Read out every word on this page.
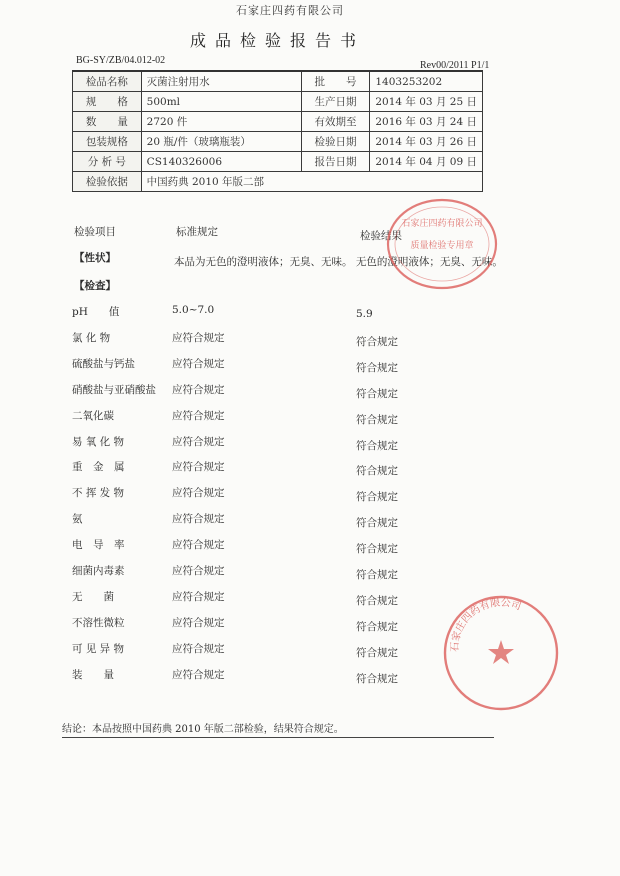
石家庄四药有限公司
成品检验报告书
BG-SY/ZB/04.012-02	Rev00/2011 P1/1
检品名称	灭菌注射用水	批　　号	1403253202
规　　格	500ml	生产日期	2014 年 03 月 25 日
数　　量	2720 件	有效期至	2016 年 03 月 24 日
包装规格	20 瓶/件（玻璃瓶装）	检验日期	2014 年 03 月 26 日
分 析 号	CS140326006	报告日期	2014 年 04 月 09 日
检验依据	中国药典 2010 年版二部		
检验项目	标准规定	检验结果
【性状】	本品为无色的澄明液体；无臭、无味。 无色的澄明液体；无臭、无味。
【检查】
pH　　值	5.0~7.0	5.9
氯 化 物	应符合规定	符合规定
硫酸盐与钙盐	应符合规定	符合规定
硝酸盐与亚硝酸盐	应符合规定	符合规定
二氧化碳	应符合规定	符合规定
易 氧 化 物	应符合规定	符合规定
重　金　属	应符合规定	符合规定
不 挥 发 物	应符合规定	符合规定
氨	应符合规定	符合规定
电　导　率	应符合规定	符合规定
细菌内毒素	应符合规定	符合规定
无　　菌	应符合规定	符合规定
不溶性微粒	应符合规定	符合规定
可 见 异 物	应符合规定	符合规定
装　　量	应符合规定	符合规定
结论：本品按照中国药典 2010 年版二部检验，结果符合规定。
石家庄四药有限公司
质量检验专用章
石家庄四药有限公司
